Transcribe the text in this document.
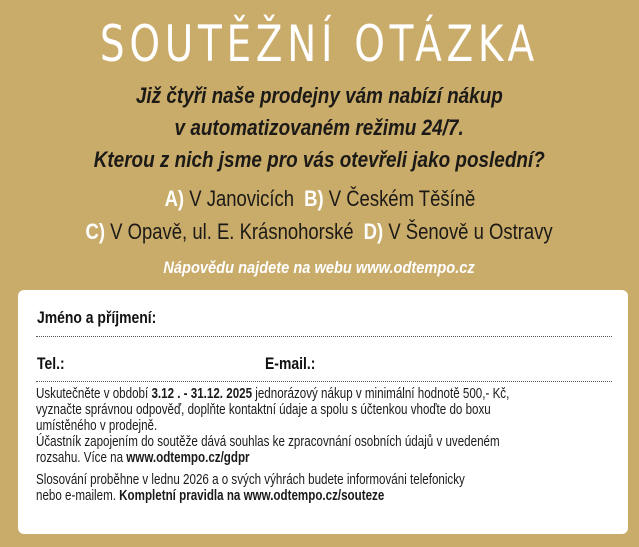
SOUTĚŽNÍ OTÁZKA
Již čtyři naše prodejny vám nabízí nákup
v automatizovaném režimu 24/7.
Kterou z nich jsme pro vás otevřeli jako poslední?
A) V Janovicích B) V Českém Těšíně
C) V Opavě, ul. E. Krásnohorské D) V Šenově u Ostravy
Nápovědu najdete na webu www.odtempo.cz
Jméno a příjmení:
Tel.:	E-mail.:
Uskutečněte v období 3.12 . - 31.12. 2025 jednorázový nákup v minimální hodnotě 500,- Kč,
vyznačte správnou odpověď, doplňte kontaktní údaje a spolu s účtenkou vhoďte do boxu
umístěného v prodejně.
Účastník zapojením do soutěže dává souhlas ke zpracovnání osobních údajů v uvedeném
rozsahu. Více na www.odtempo.cz/gdpr
Slosování proběhne v lednu 2026 a o svých výhrách budete informováni telefonicky
nebo e-mailem. Kompletní pravidla na www.odtempo.cz/souteze
